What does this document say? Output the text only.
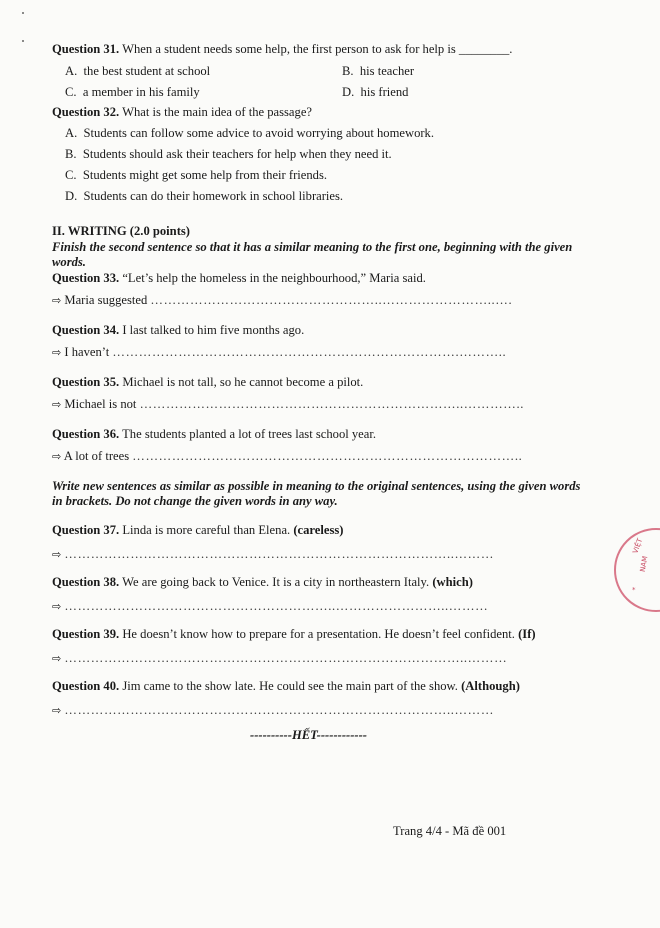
Question 31. When a student needs some help, the first person to ask for help is ________.
A. the best student at school	B. his teacher
C. a member in his family	D. his friend
Question 32. What is the main idea of the passage?
A. Students can follow some advice to avoid worrying about homework.
B. Students should ask their teachers for help when they need it.
C. Students might get some help from their friends.
D. Students can do their homework in school libraries.
II. WRITING (2.0 points)
Finish the second sentence so that it has a similar meaning to the first one, beginning with the given
words.
Question 33. “Let’s help the homeless in the neighbourhood,” Maria said.
⇨ Maria suggested ……………………………………………..……………………..….
Question 34. I last talked to him five months ago.
⇨ I haven’t …………………………………………………………………….………..
Question 35. Michael is not tall, so he cannot become a pilot.
⇨ Michael is not ………………………………………………………………..…………..
Question 36. The students planted a lot of trees last school year.
⇨ A lot of trees ……………………………………………………………………………..
Write new sentences as similar as possible in meaning to the original sentences, using the given words
in brackets. Do not change the given words in any way.
Question 37. Linda is more careful than Elena. (careless)
⇨ ……………………………………………………………………………..………
Question 38. We are going back to Venice. It is a city in northeastern Italy. (which)
⇨ ……………………………………………………..……………………..………
Question 39. He doesn’t know how to prepare for a presentation. He doesn’t feel confident. (If)
⇨ ………………………………………………………………………………..………
Question 40. Jim came to the show late. He could see the main part of the show. (Although)
⇨ ……………………………………………………………………………..………
----------HẾT------------
Trang 4/4 - Mã đề 001
VIỆT
NAM
*
